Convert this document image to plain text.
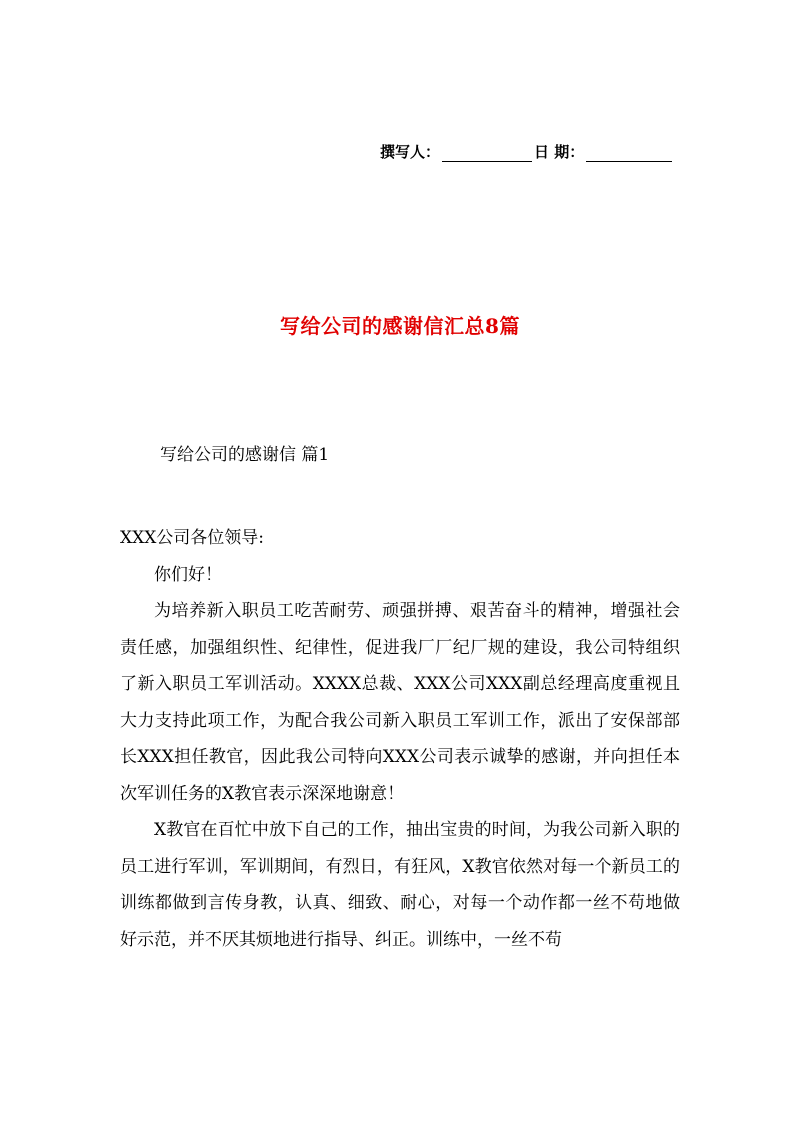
撰写人：	日 期：
写给公司的感谢信汇总8篇
写给公司的感谢信 篇1

XXX公司各位领导:

你们好！

为培养新入职员工吃苦耐劳、顽强拼搏、艰苦奋斗的精神，增强社会责任感，加强组织性、纪律性，促进我厂厂纪厂规的建设，我公司特组织了新入职员工军训活动。XXXX总裁、XXX公司XXX副总经理高度重视且大力支持此项工作，为配合我公司新入职员工军训工作，派出了安保部部长XXX担任教官，因此我公司特向XXX公司表示诚挚的感谢，并向担任本次军训任务的X教官表示深深地谢意！

X教官在百忙中放下自己的工作，抽出宝贵的时间，为我公司新入职的员工进行军训，军训期间，有烈日，有狂风，X教官依然对每一个新员工的训练都做到言传身教，认真、细致、耐心，对每一个动作都一丝不苟地做好示范，并不厌其烦地进行指导、纠正。训练中，一丝不苟
